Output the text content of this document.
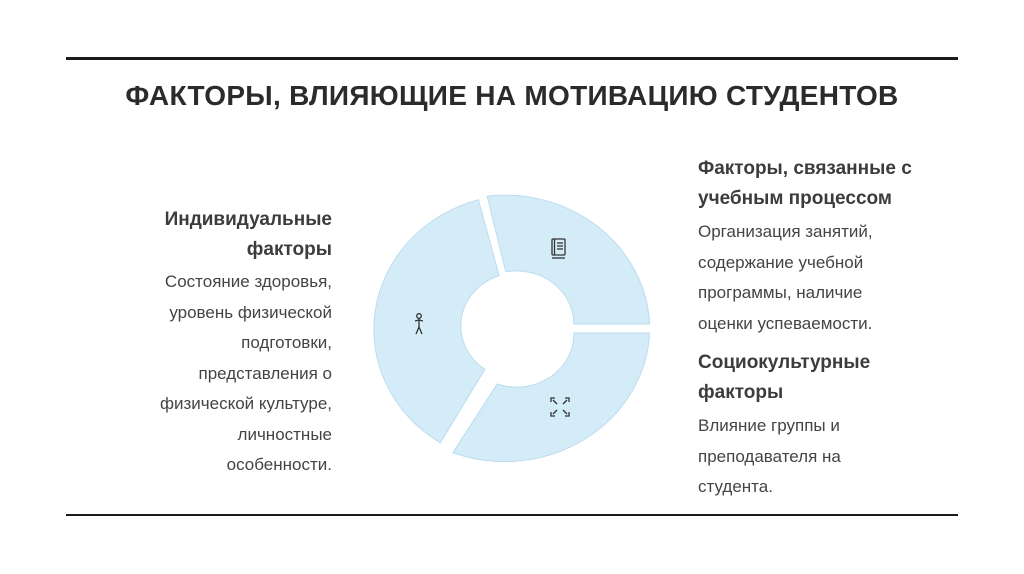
ФАКТОРЫ, ВЛИЯЮЩИЕ НА МОТИВАЦИЮ СТУДЕНТОВ
Индивидуальные
факторы
Состояние здоровья,
уровень физической
подготовки,
представления о
физической культуре,
личностные
особенности.
Факторы, связанные с
учебным процессом
Организация занятий,
содержание учебной
программы, наличие
оценки успеваемости.
Социокультурные
факторы
Влияние группы и
преподавателя на
студента.
